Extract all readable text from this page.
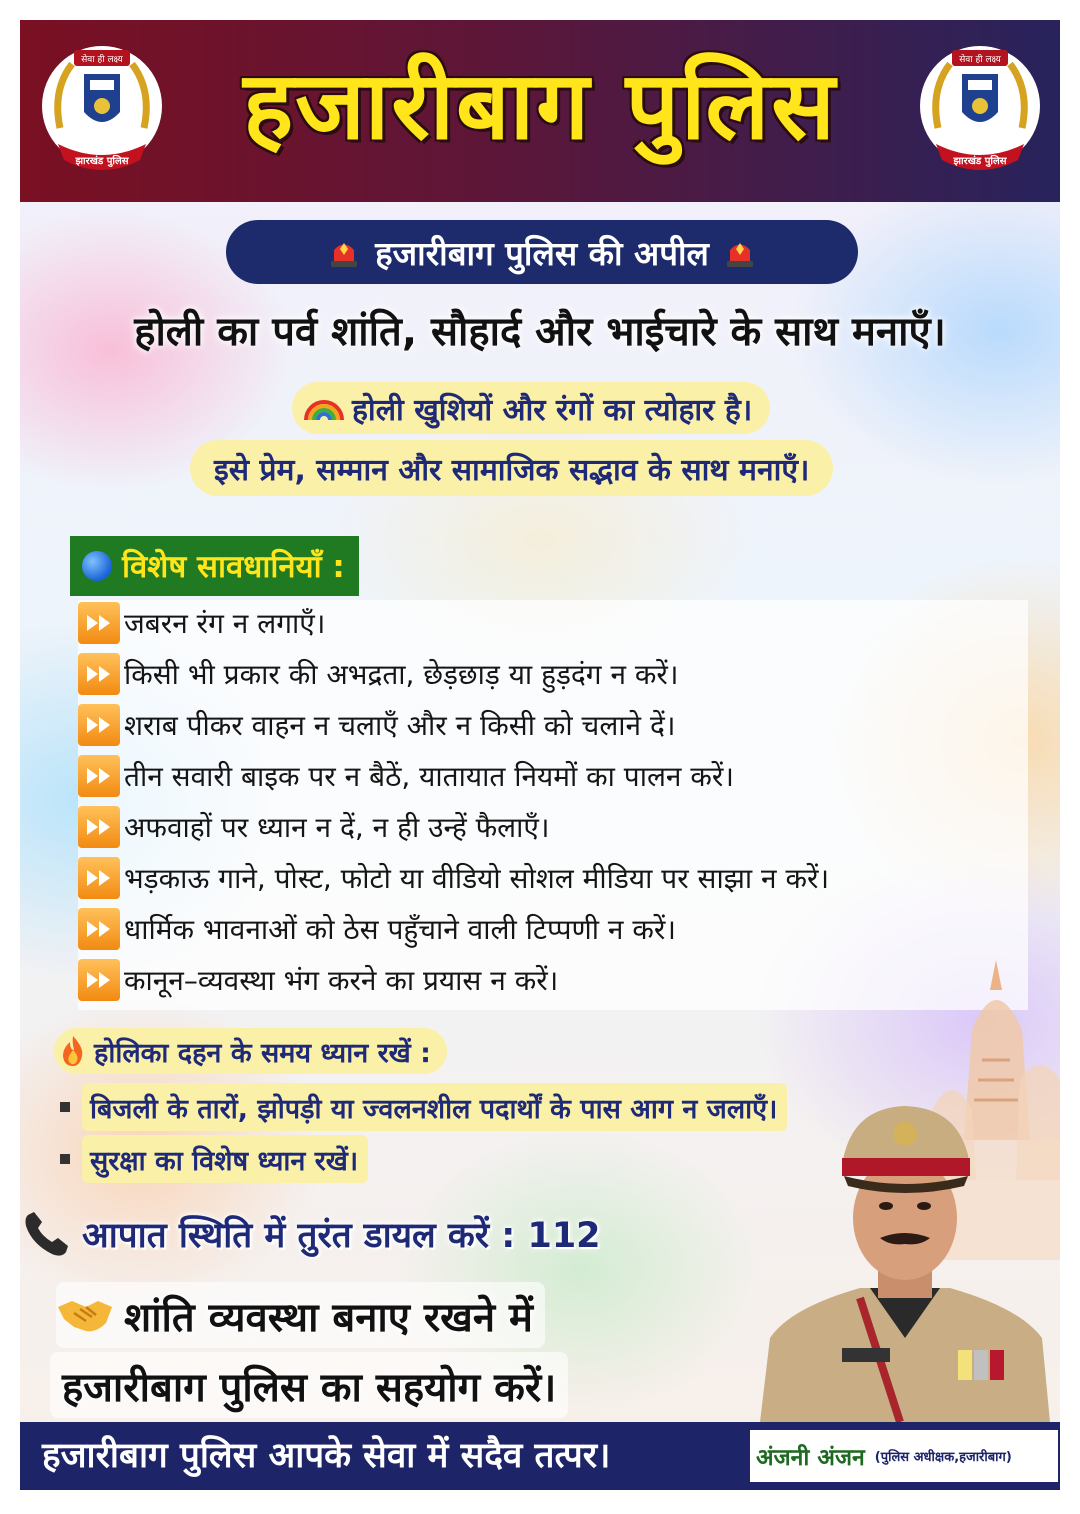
सेवा ही लक्ष्य
झारखंड पुलिस
हजारीबाग पुलिस	सेवा ही लक्ष्य
झारखंड पुलिस
हजारीबाग पुलिस की अपील
होली का पर्व शांति, सौहार्द और भाईचारे के साथ मनाएँ।
होली खुशियों और रंगों का त्योहार है।
इसे प्रेम, सम्मान और सामाजिक सद्भाव के साथ मनाएँ।
विशेष सावधानियाँ :
जबरन रंग न लगाएँ।
किसी भी प्रकार की अभद्रता, छेड़छाड़ या हुड़दंग न करें।
शराब पीकर वाहन न चलाएँ और न किसी को चलाने दें।
तीन सवारी बाइक पर न बैठें, यातायात नियमों का पालन करें।
अफवाहों पर ध्यान न दें, न ही उन्हें फैलाएँ।
भड़काऊ गाने, पोस्ट, फोटो या वीडियो सोशल मीडिया पर साझा न करें।
धार्मिक भावनाओं को ठेस पहुँचाने वाली टिप्पणी न करें।
कानून–व्यवस्था भंग करने का प्रयास न करें।
होलिका दहन के समय ध्यान रखें :
बिजली के तारों, झोपड़ी या ज्वलनशील पदार्थों के पास आग न जलाएँ।
सुरक्षा का विशेष ध्यान रखें।
आपात स्थिति में तुरंत डायल करें : 112
शांति व्यवस्था बनाए रखने में
हजारीबाग पुलिस का सहयोग करें।
हजारीबाग पुलिस आपके सेवा में सदैव तत्पर।	अंजनी अंजन (पुलिस अधीक्षक,हजारीबाग)
